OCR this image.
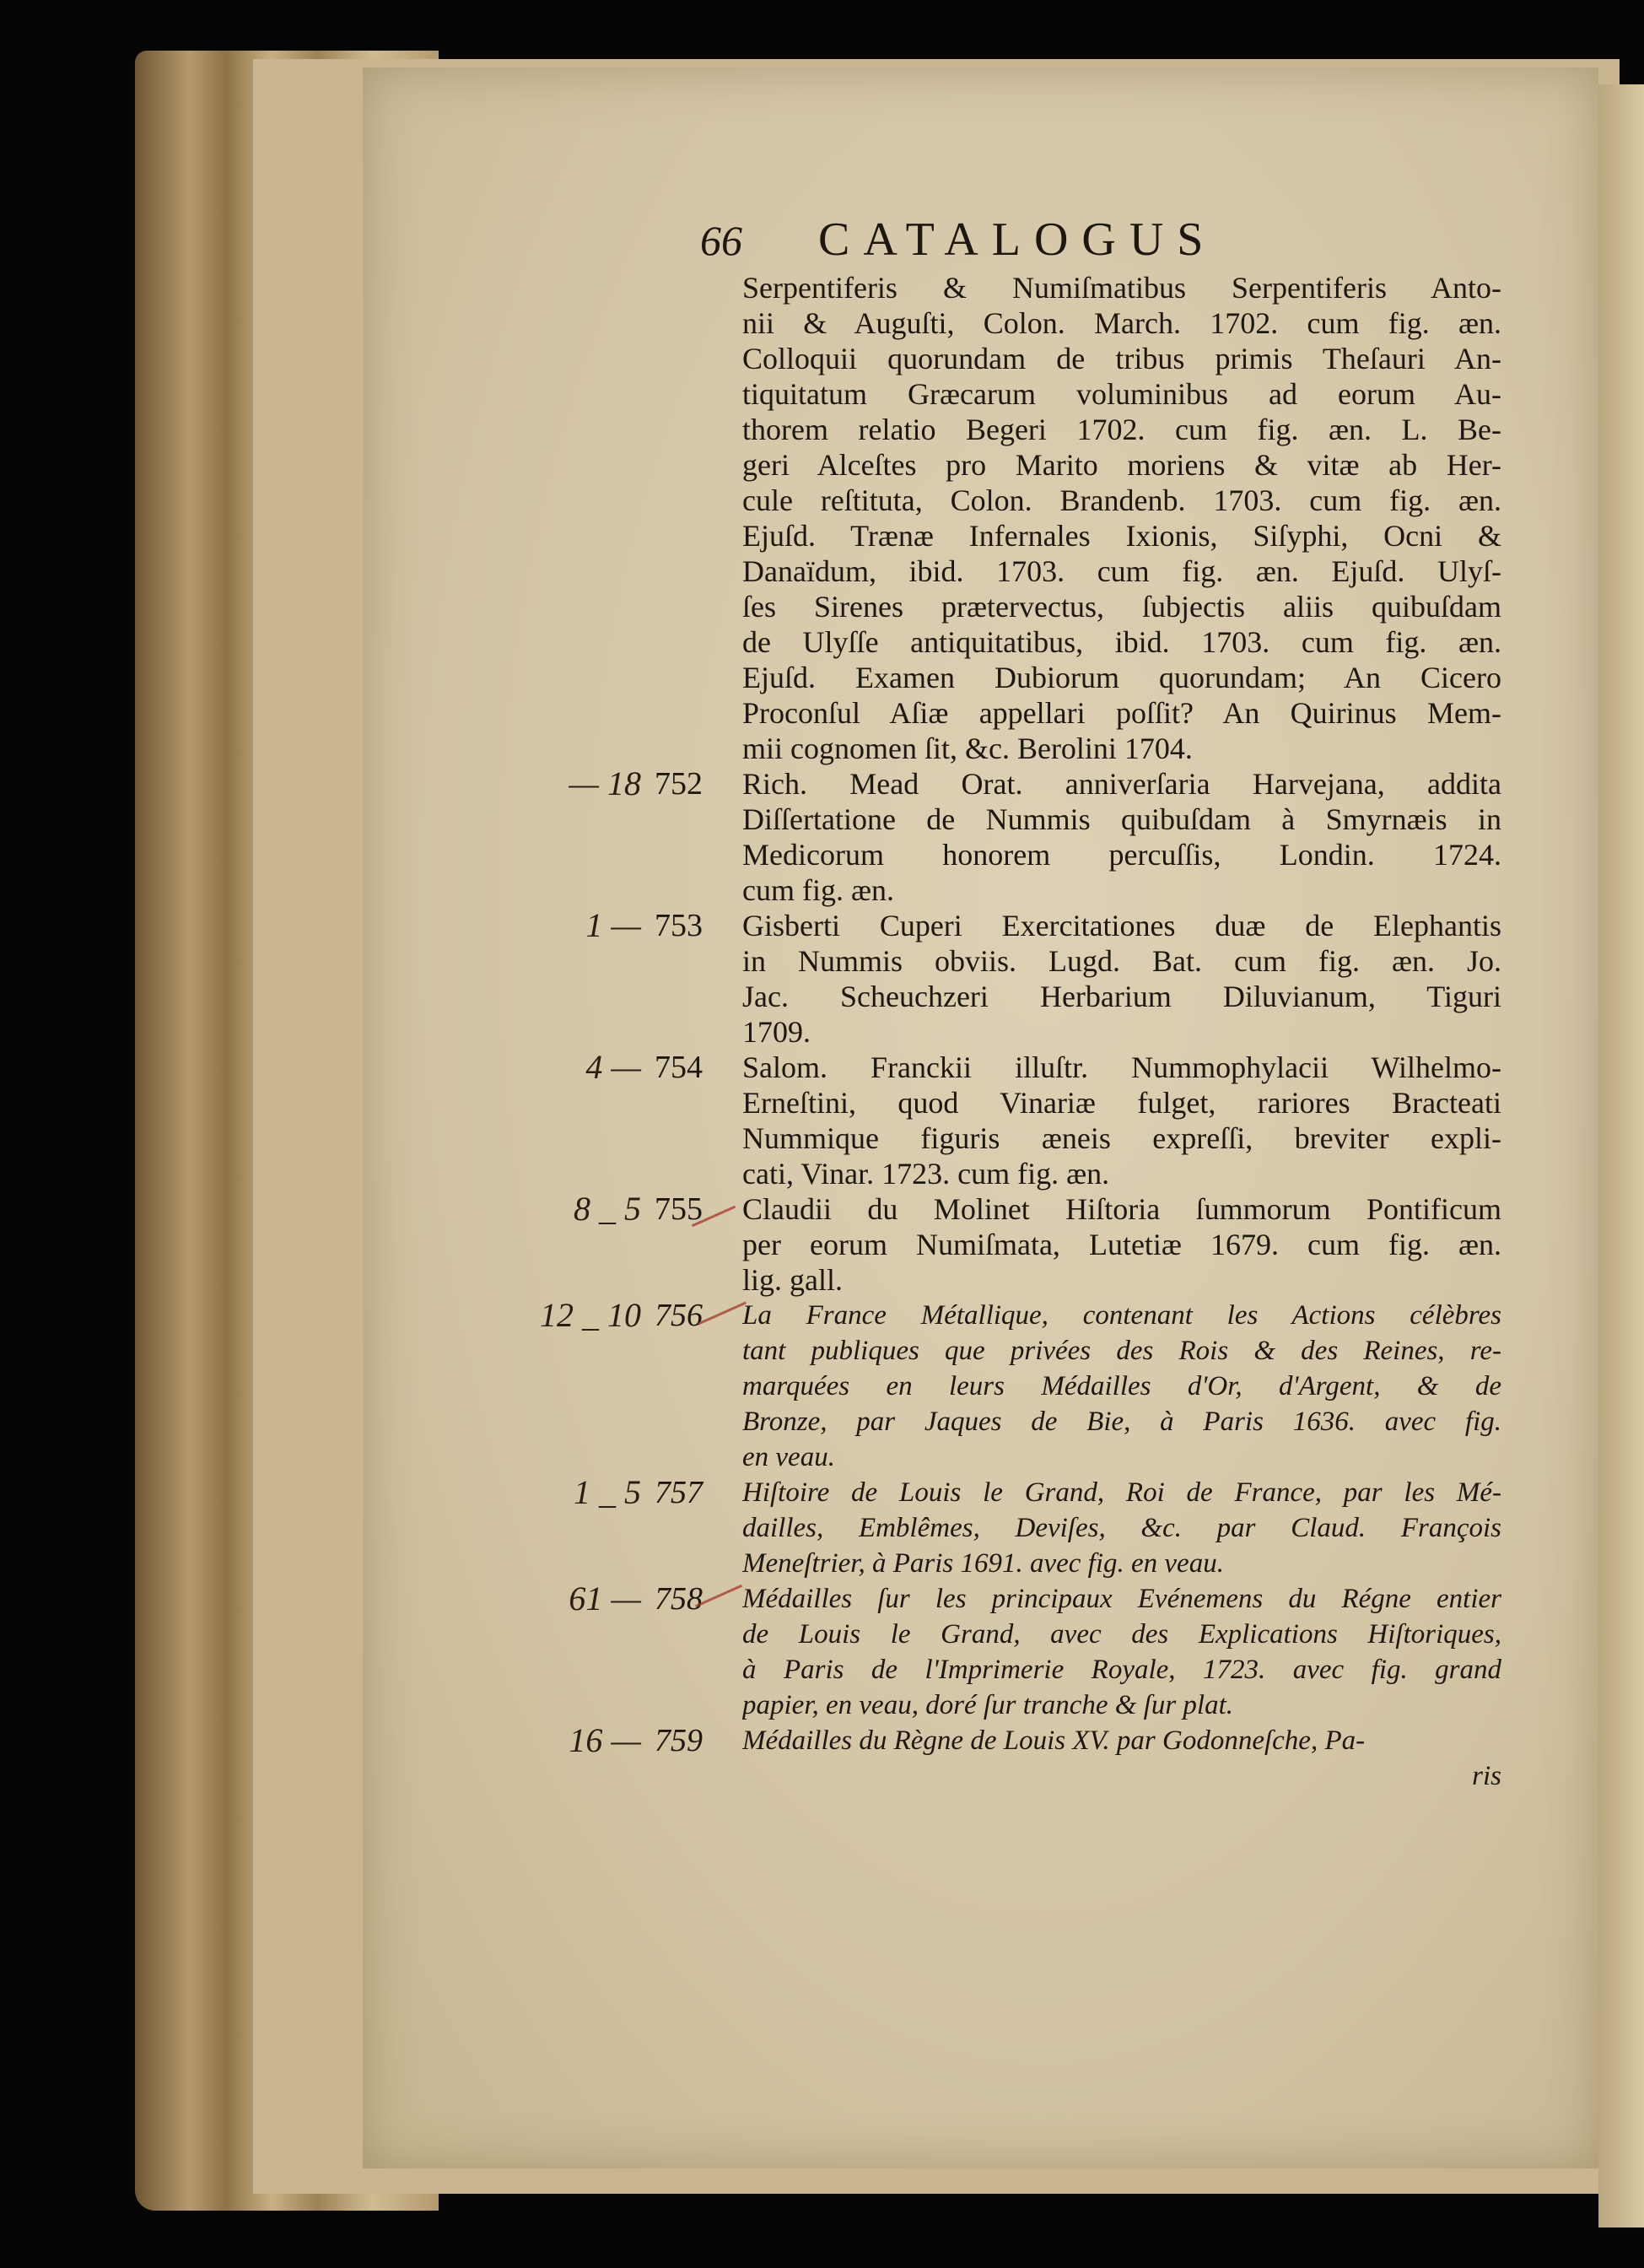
66 CATALOGUS
Serpentiferis & Numiſmatibus Serpentiferis Anto-
nii & Auguſti, Colon. March. 1702. cum fig. æn.
Colloquii quorundam de tribus primis Theſauri An-
tiquitatum Græcarum voluminibus ad eorum Au-
thorem relatio Begeri 1702. cum fig. æn. L. Be-
geri Alceſtes pro Marito moriens & vitæ ab Her-
cule reſtituta, Colon. Brandenb. 1703. cum fig. æn.
Ejuſd. Trænæ Infernales Ixionis, Siſyphi, Ocni &
Danaïdum, ibid. 1703. cum fig. æn. Ejuſd. Ulyſ-
ſes Sirenes prætervectus, ſubjectis aliis quibuſdam
de Ulyſſe antiquitatibus, ibid. 1703. cum fig. æn.
Ejuſd. Examen Dubiorum quorundam; An Cicero
Proconſul Aſiæ appellari poſſit? An Quirinus Mem-
mii cognomen ſit, &c. Berolini 1704.
— 18 752	Rich. Mead Orat. anniverſaria Harvejana, addita
Diſſertatione de Nummis quibuſdam à Smyrnæis in
Medicorum honorem percuſſis, Londin. 1724.
cum fig. æn.
1 — 753	Gisberti Cuperi Exercitationes duæ de Elephantis
in Nummis obviis. Lugd. Bat. cum fig. æn. Jo.
Jac. Scheuchzeri Herbarium Diluvianum, Tiguri
1709.
4 — 754	Salom. Franckii illuſtr. Nummophylacii Wilhelmo-
Erneſtini, quod Vinariæ fulget, rariores Bracteati
Nummique figuris æneis expreſſi, breviter expli-
cati, Vinar. 1723. cum fig. æn.
8 _ 5 755	Claudii du Molinet Hiſtoria ſummorum Pontificum
per eorum Numiſmata, Lutetiæ 1679. cum fig. æn.
lig. gall.
12 _ 10 756	La France Métallique, contenant les Actions célèbres
tant publiques que privées des Rois & des Reines, re-
marquées en leurs Médailles d'Or, d'Argent, & de
Bronze, par Jaques de Bie, à Paris 1636. avec fig.
en veau.
1 _ 5 757	Hiſtoire de Louis le Grand, Roi de France, par les Mé-
dailles, Emblêmes, Deviſes, &c. par Claud. François
Meneſtrier, à Paris 1691. avec fig. en veau.
61 — 758	Médailles ſur les principaux Evénemens du Régne entier
de Louis le Grand, avec des Explications Hiſtoriques,
à Paris de l'Imprimerie Royale, 1723. avec fig. grand
papier, en veau, doré ſur tranche & ſur plat.
16 — 759	Médailles du Règne de Louis XV. par Godonneſche, Pa-
ris
